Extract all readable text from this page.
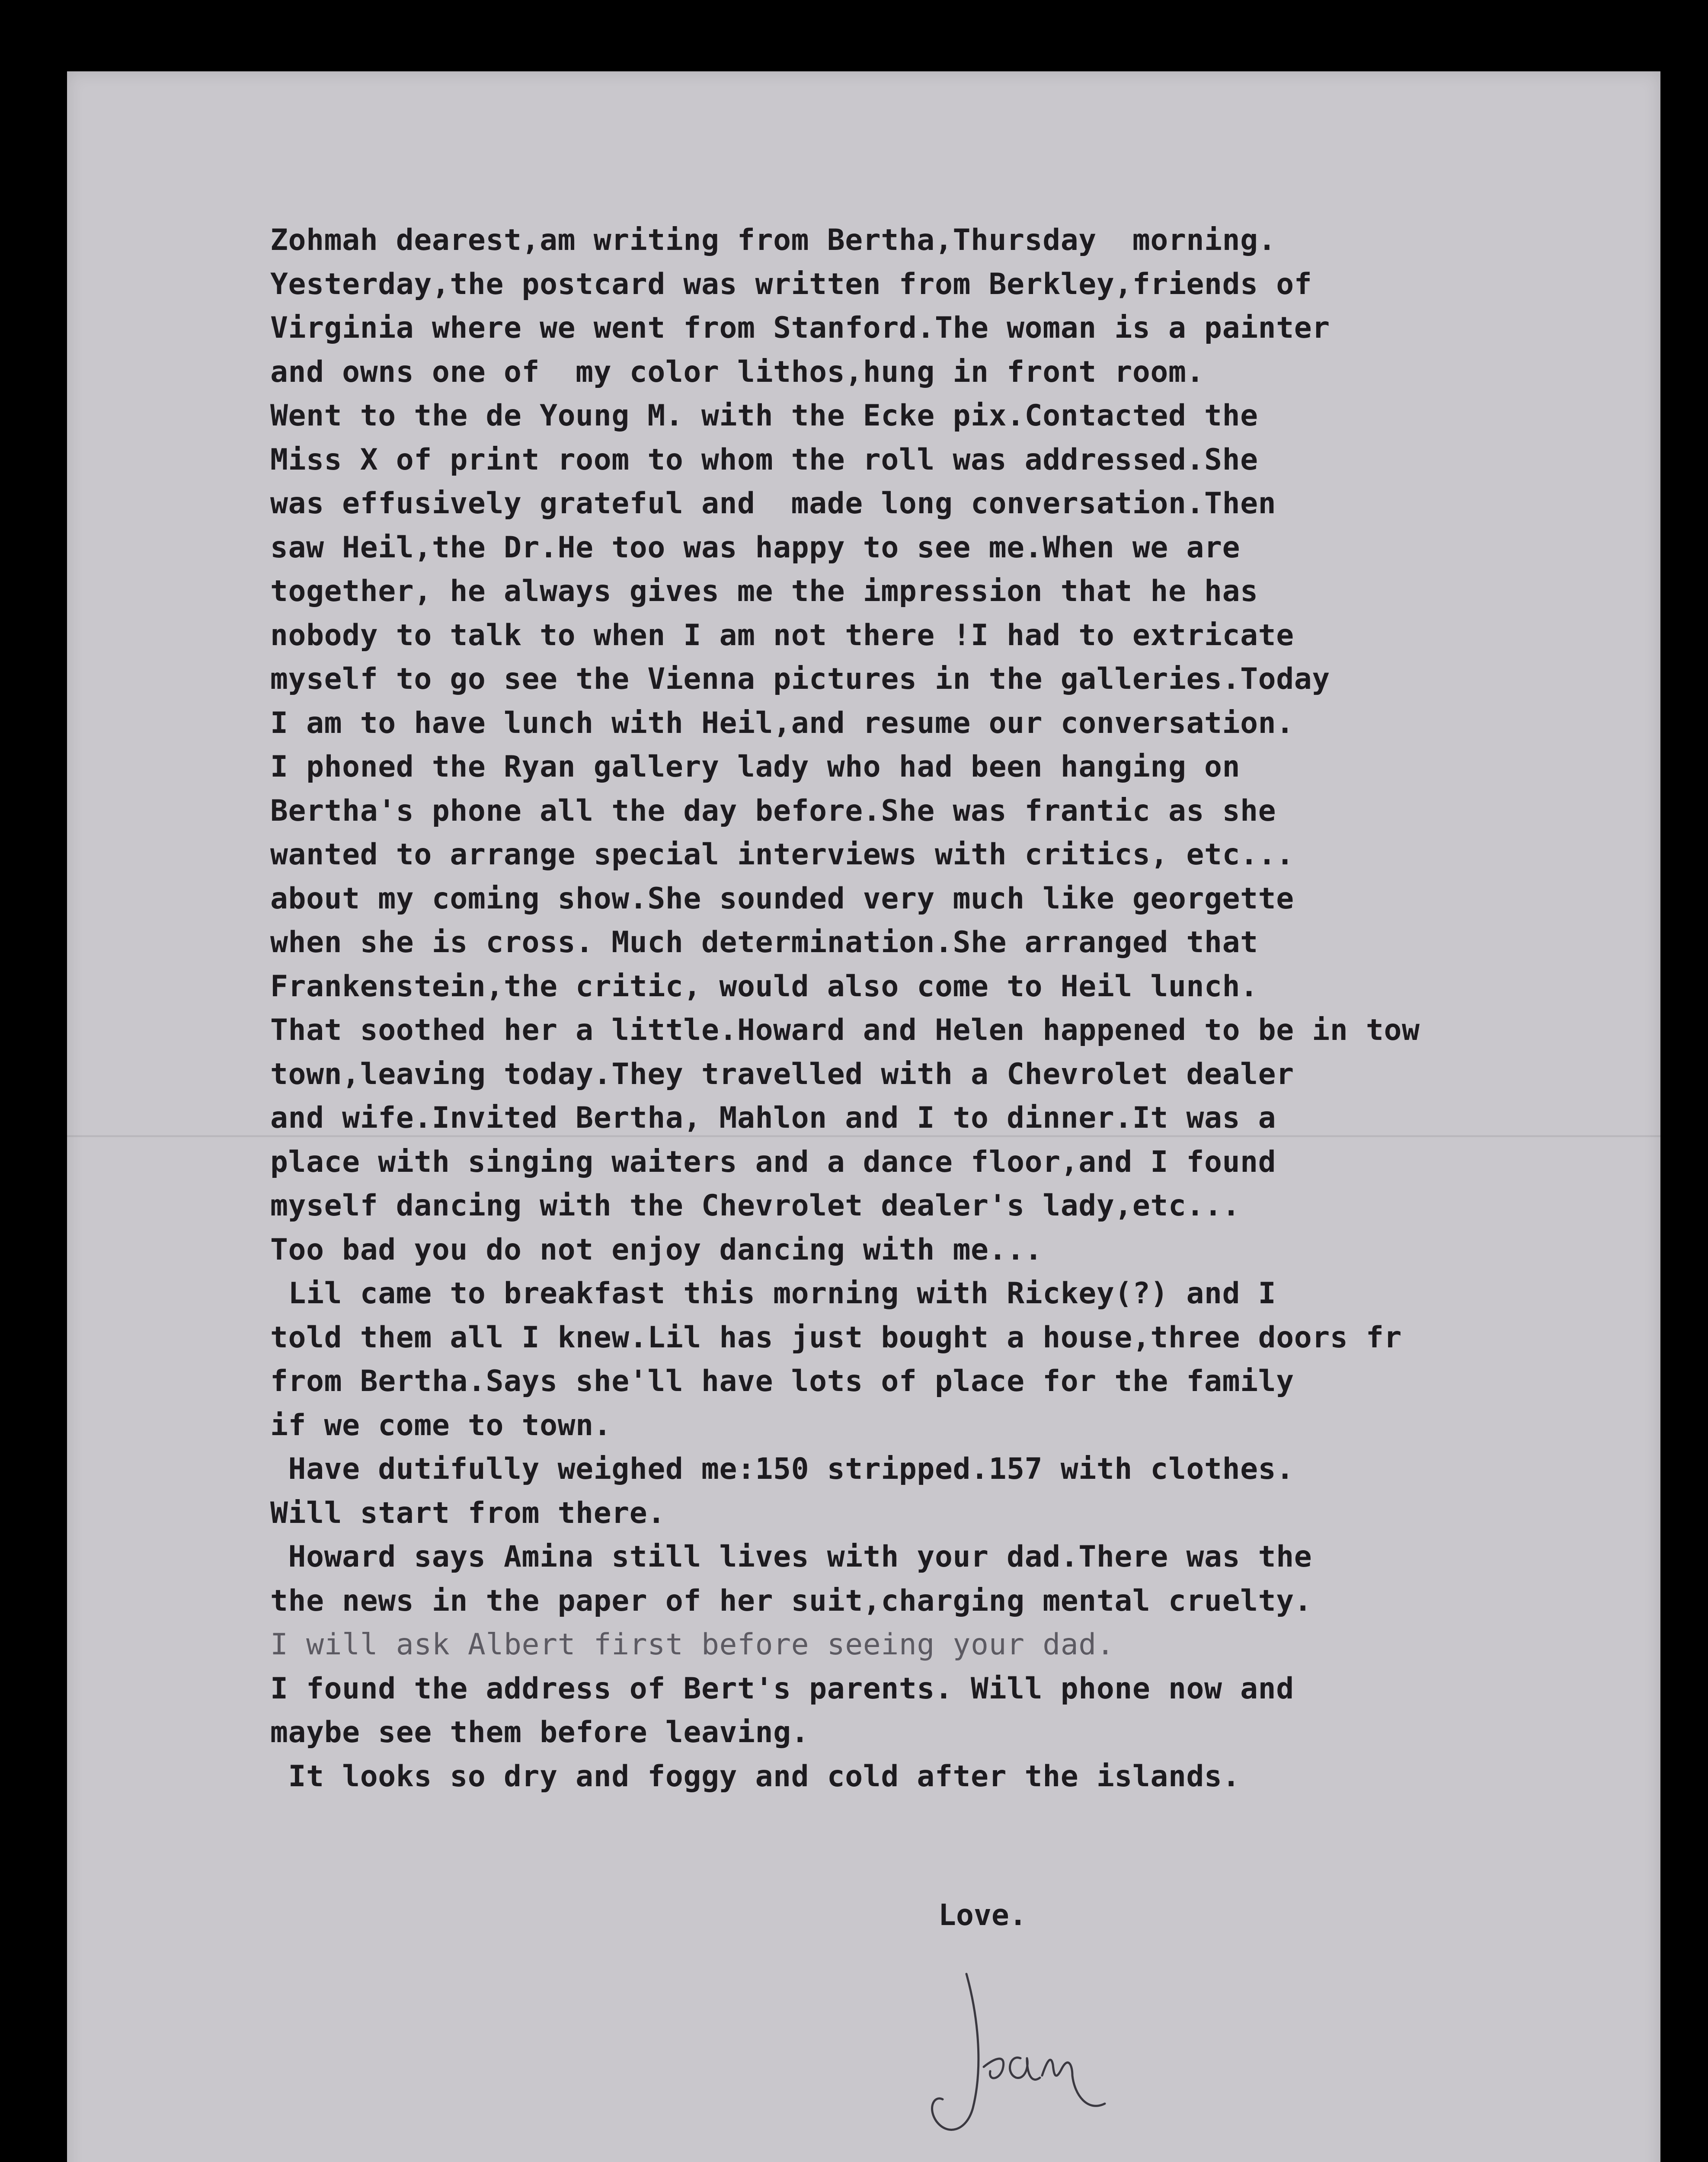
Zohmah dearest,am writing from Bertha,Thursday  morning.
Yesterday,the postcard was written from Berkley,friends of
Virginia where we went from Stanford.The woman is a painter
and owns one of  my color lithos,hung in front room.
Went to the de Young M. with the Ecke pix.Contacted the
Miss X of print room to whom the roll was addressed.She
was effusively grateful and  made long conversation.Then
saw Heil,the Dr.He too was happy to see me.When we are
together, he always gives me the impression that he has
nobody to talk to when I am not there !I had to extricate
myself to go see the Vienna pictures in the galleries.Today
I am to have lunch with Heil,and resume our conversation.
I phoned the Ryan gallery lady who had been hanging on
Bertha's phone all the day before.She was frantic as she
wanted to arrange special interviews with critics, etc...
about my coming show.She sounded very much like georgette
when she is cross. Much determination.She arranged that
Frankenstein,the critic, would also come to Heil lunch.
That soothed her a little.Howard and Helen happened to be in tow
town,leaving today.They travelled with a Chevrolet dealer
and wife.Invited Bertha, Mahlon and I to dinner.It was a
place with singing waiters and a dance floor,and I found
myself dancing with the Chevrolet dealer's lady,etc...
Too bad you do not enjoy dancing with me...
Lil came to breakfast this morning with Rickey(?) and I
told them all I knew.Lil has just bought a house,three doors fr
from Bertha.Says she'll have lots of place for the family
if we come to town.
Have dutifully weighed me:150 stripped.157 with clothes.
Will start from there.
Howard says Amina still lives with your dad.There was the
the news in the paper of her suit,charging mental cruelty.
I will ask Albert first before seeing your dad.
I found the address of Bert's parents. Will phone now and
maybe see them before leaving.
It looks so dry and foggy and cold after the islands.
Love.
